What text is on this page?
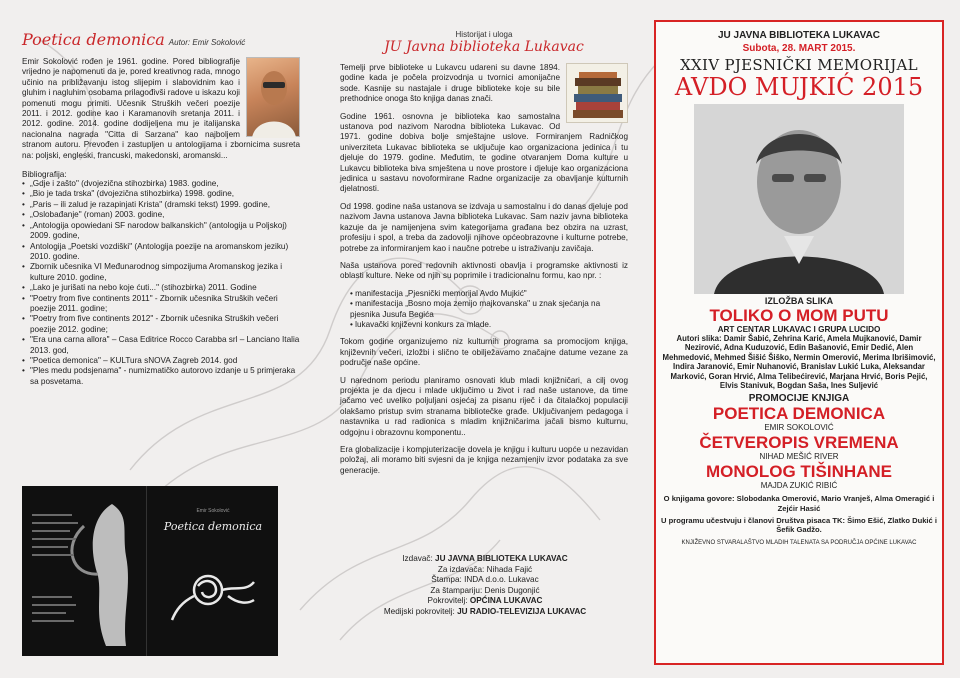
Poetica demonica Autor: Emir Sokolović

Emir Sokolović rođen je 1961. godine. Pored bibliografije vrijedno je napomenuti da je, pored kreativnog rada, mnogo učinio na približavanju istog slijepim i slabovidnim kao i gluhim i nagluhim osobama prilagođivši radove u iskazu koji pomenuti mogu primiti. Učesnik Struških večeri poezije 2011. i 2012. godine kao i Karamanovih sretanja 2011. i 2012. godine. 2014. godine dodijeljena mu je italijanska nacionalna nagrada "Citta di Sarzana" kao najboljem stranom autoru. Prevođen i zastupljen u antologijama i zbornicima susreta na: poljski, engleski, francuski, makedonski, aromanski...

Bibliografija:
• „Gdje i zašto" (dvojezična stihozbirka) 1983. godine,
• „Bio je tada trska" (dvojezična stihozbirka) 1998. godine,
• „Paris – ili zalud je razapinjati Krista" (dramski tekst) 1999. godine,
• „Oslobađanje" (roman) 2003. godine,
• „Antologija opowiedani SF narodow balkanskich" (antologija u Poljskoj) 2009. godine,
• Antologija „Poetski vozdiški" (Antologija poezije na aromanskom jeziku) 2010. godine.
• Zbornik učesnika VI Međunarodnog simpozijuma Aromanskog jezika i kulture 2010. godine,
• „Lako je jurišati na nebo koje ćuti..." (stihozbirka) 2011. Godine
• "Poetry from five continents 2011" - Zbornik učesnika Struških večeri poezije 2011. godine;
• "Poetry from five continents 2012" - Zbornik učesnika Struških večeri poezije 2012. godine;
• "Era una carna allora" – Casa Editrice Rocco Carabba srl – Lanciano Italia 2013. god,
• "Poetica demonica" – KULTura sNOVA Zagreb 2014. god
• "Ples medu podsjenama" - numizmatičko autorovo izdanje u 5 primjeraka sa posvetama.
Emir Sokolović
Poetica demonica
Historijat i uloga
JU Javna biblioteka Lukavac

Temelji prve biblioteke u Lukavcu udareni su davne 1894. godine kada je počela proizvodnja u tvornici amonijačne sode. Kasnije su nastajale i druge biblioteke koje su bile prethodnice onoga što knjiga danas znači.

Godine 1961. osnovna je biblioteka kao samostalna ustanova pod nazivom Narodna biblioteka Lukavac. Od 1971. godine dobiva bolje smještajne uslove. Formiranjem Radničkog univerziteta Lukavac biblioteka se uključuje kao organizaciona jedinica i tu djeluje do 1979. godine. Međutim, te godine otvaranjem Doma kulture u Lukavcu biblioteka biva smještena u nove prostore i djeluje kao organizaciona jedinica u sastavu novoformirane Radne organizacije za obavljanje kulturnih djelatnosti.

Od 1998. godine naša ustanova se izdvaja u samostalnu i do danas djeluje pod nazivom Javna ustanova Javna biblioteka Lukavac. Sam naziv javna biblioteka kazuje da je namijenjena svim kategorijama građana bez obzira na uzrast, profesiju i spol, a treba da zadovolji njihove općeobrazovne i kulturne potrebe, potrebe za informiranjem kao i naučne potrebe u istraživanju zavičaja.

Naša ustanova pored redovnih aktivnosti obavlja i programske aktivnosti iz oblasti kulture. Neke od njih su poprimile i tradicionalnu formu, kao npr. :

• manifestacija „Pjesnički memorijal Avdo Mujkić"
• manifestacija „Bosno moja zemijo majkovanska" u znak sjećanja na pjesnika Jusufa Begića
• lukavački književni konkurs za mlade.

Tokom godine organizujemo niz kulturnih programa sa promocijom knjiga, književnih večeri, izložbi i slično te obilježavamo značajne datume vezane za područje naše općine.

U narednom periodu planiramo osnovati klub mladi knjižničari, a cilj ovog projekta je da djecu i mlade uključimo u život i rad naše ustanove, da time jačamo već uveliko poljuljani osjećaj za pisanu riječ i da čitalačkoj populaciji olakšamo pristup svim stranama bibliotečke građe. Uključivanjem pedagoga i nastavnika u rad radionica s mladim knjižničarima jačali bismo kulturnu, odgojnu i obrazovnu komponentu..

Era globalizacije i kompjuterizacije dovela je knjigu i kulturu uopće u nezavidan položaj, ali moramo biti svjesni da je knjiga nezamjenjiv izvor podataka za sve generacije.

Izdavač: JU JAVNA BIBLIOTEKA LUKAVAC
Za izdavača: Nihada Fajić
Štampa: INDA d.o.o. Lukavac
Za štampariju: Denis Dugonjić
Pokrovitelj: OPĆINA LUKAVAC
Medijski pokrovitelj: JU RADIO-TELEVIZIJA LUKAVAC
JU JAVNA BIBLIOTEKA LUKAVAC
Subota, 28. MART 2015.
XXIV PJESNIČKI MEMORIJAL
AVDO MUJKIĆ 2015
IZLOŽBA SLIKA
TOLIKO O MOM PUTU
ART CENTAR LUKAVAC I GRUPA LUCIDO
Autori slika: Damir Šabić, Zehrina Karić, Amela Mujkanović, Damir Nezirović, Adna Kuduzović, Edin Bašanović, Emir Dedić, Alen Mehmedović, Mehmed Šišić Šiško, Nermin Omerović, Merima Ibrišimović, Indira Jaranović, Emir Nuhanović, Branislav Lukić Luka, Aleksandar Marković, Goran Hrvić, Alma Telibećirević, Marjana Hrvić, Boris Pejić, Elvis Stanivuk, Bogdan Saša, Ines Suljević
PROMOCIJE KNJIGA
POETICA DEMONICA
EMIR SOKOLOVIĆ
ČETVEROPIS VREMENA
NIHAD MEŠIĆ RIVER
MONOLOG TIŠINHANE
MAJDA ZUKIĆ RIBIĆ
O knjigama govore: Slobodanka Omerović, Mario Vranješ, Alma Omeragić i Zejćir Hasić
U programu učestvuju i članovi Društva pisaca TK: Šimo Ešić, Zlatko Dukić i Šefik Gadžo.
KNJIŽEVNO STVARALAŠTVO MLADIH TALENATA SA PODRUČJA OPĆINE LUKAVAC
